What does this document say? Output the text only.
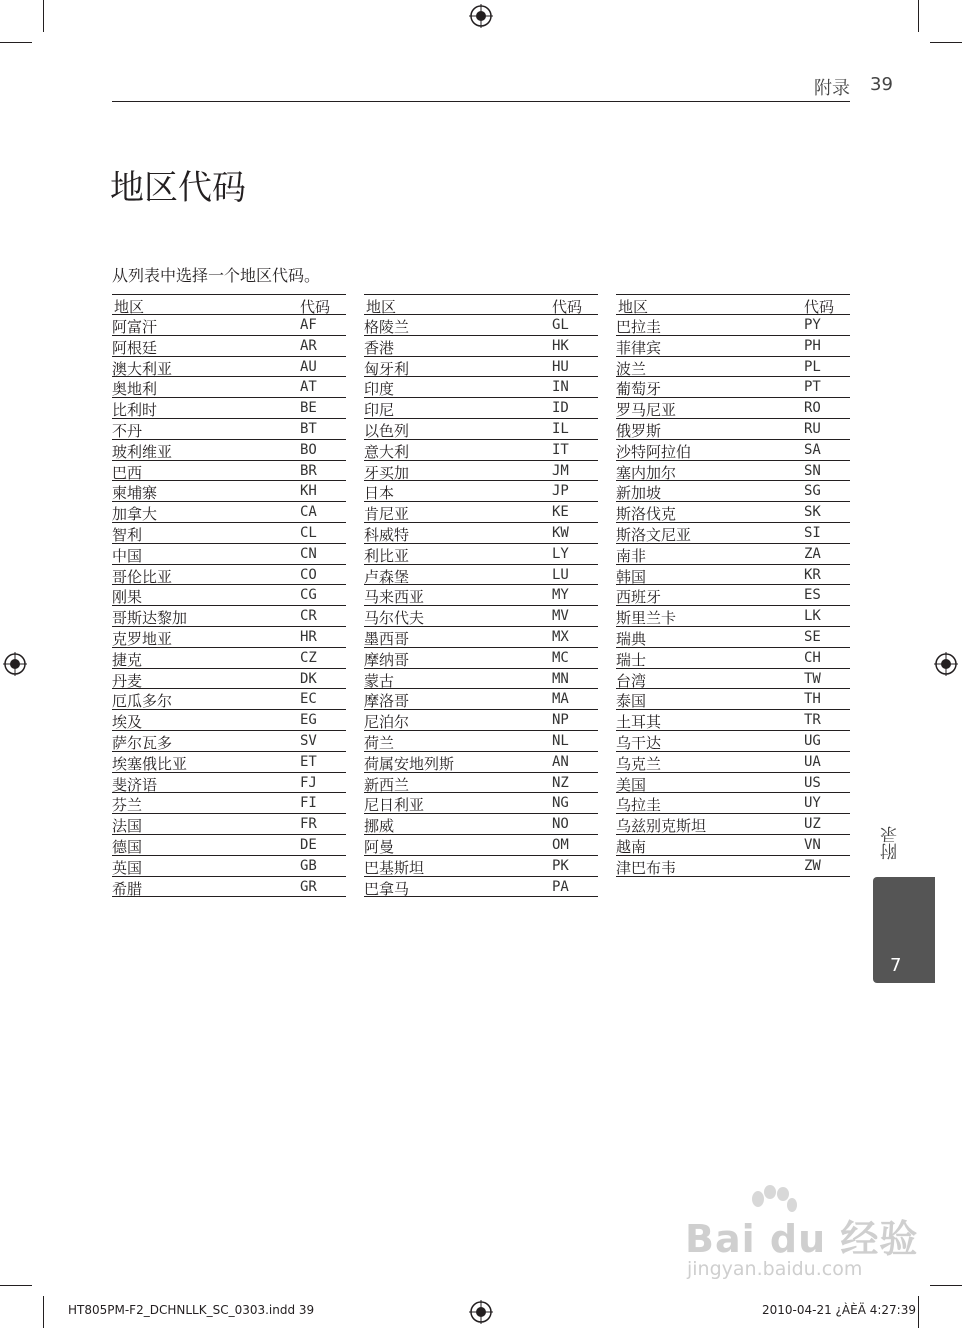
附录 39
地区代码
从列表中选择一个地区代码。
地区	代码
阿富汗	AF
阿根廷	AR
澳大利亚	AU
奥地利	AT
比利时	BE
不丹	BT
玻利维亚	BO
巴西	BR
柬埔寨	KH
加拿大	CA
智利	CL
中国	CN
哥伦比亚	CO
刚果	CG
哥斯达黎加	CR
克罗地亚	HR
捷克	CZ
丹麦	DK
厄瓜多尔	EC
埃及	EG
萨尔瓦多	SV
埃塞俄比亚	ET
斐济语	FJ
芬兰	FI
法国	FR
德国	DE
英国	GB
希腊	GR
地区	代码
格陵兰	GL
香港	HK
匈牙利	HU
印度	IN
印尼	ID
以色列	IL
意大利	IT
牙买加	JM
日本	JP
肯尼亚	KE
科威特	KW
利比亚	LY
卢森堡	LU
马来西亚	MY
马尔代夫	MV
墨西哥	MX
摩纳哥	MC
蒙古	MN
摩洛哥	MA
尼泊尔	NP
荷兰	NL
荷属安地列斯	AN
新西兰	NZ
尼日利亚	NG
挪威	NO
阿曼	OM
巴基斯坦	PK
巴拿马	PA
地区	代码
巴拉圭	PY
菲律宾	PH
波兰	PL
葡萄牙	PT
罗马尼亚	RO
俄罗斯	RU
沙特阿拉伯	SA
塞内加尔	SN
新加坡	SG
斯洛伐克	SK
斯洛文尼亚	SI
南非	ZA
韩国	KR
西班牙	ES
斯里兰卡	LK
瑞典	SE
瑞士	CH
台湾	TW
泰国	TH
土耳其	TR
乌干达	UG
乌克兰	UA
美国	US
乌拉圭	UY
乌兹别克斯坦	UZ
越南	VN
津巴布韦	ZW
附录
7
Bai du 经验
jingyan.baidu.com
HT805PM-F2_DCHNLLK_SC_0303.indd 39	2010-04-21 ¿ÀÈÄ 4:27:39
